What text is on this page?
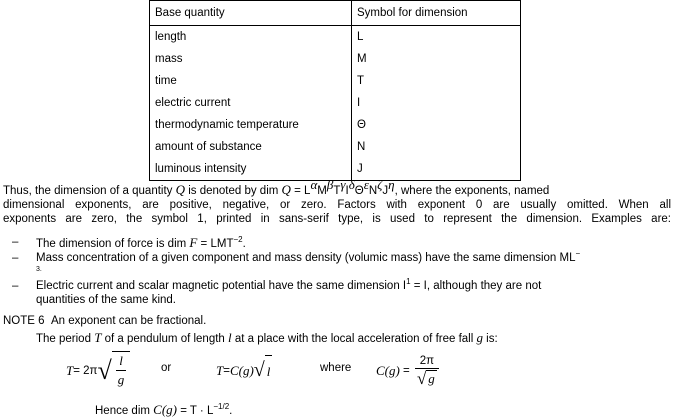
Base quantity	Symbol for dimension
length	L
mass	M
time	T
electric current	I
thermodynamic temperature	Θ
amount of substance	N
luminous intensity	J
Thus, the dimension of a quantity Q is denoted by dim $Q = L^\alpha M^\beta T^\gamma I^\delta\Theta^\varepsilon N^\zeta J^\eta$, where the exponents, named
dimensional exponents, are positive, negative, or zero. Factors with exponent 0 are usually omitted. When all
exponents are zero, the symbol 1, printed in sans-serif type, is used to represent the dimension. Examples are:
– The dimension of force is dim $F = LMT^{-2}$.
– Mass concentration of a given component and mass density (volumic mass) have the same dimension ML−
3.
– Electric current and scalar magnetic potential have the same dimension $I^1 = I$, although they are not
quantities of the same kind.
NOTE 6 An exponent can be fractional.
The period T of a pendulum of length l at a place with the local acceleration of free fall g is:
T = 2π √ $\frac{l}{g}$	or	T = C(g) √ l	where $C(g) = \frac{2\pi}{√ g}$
Hence dim $C(g) = T \cdot L^{-1/2}$.
